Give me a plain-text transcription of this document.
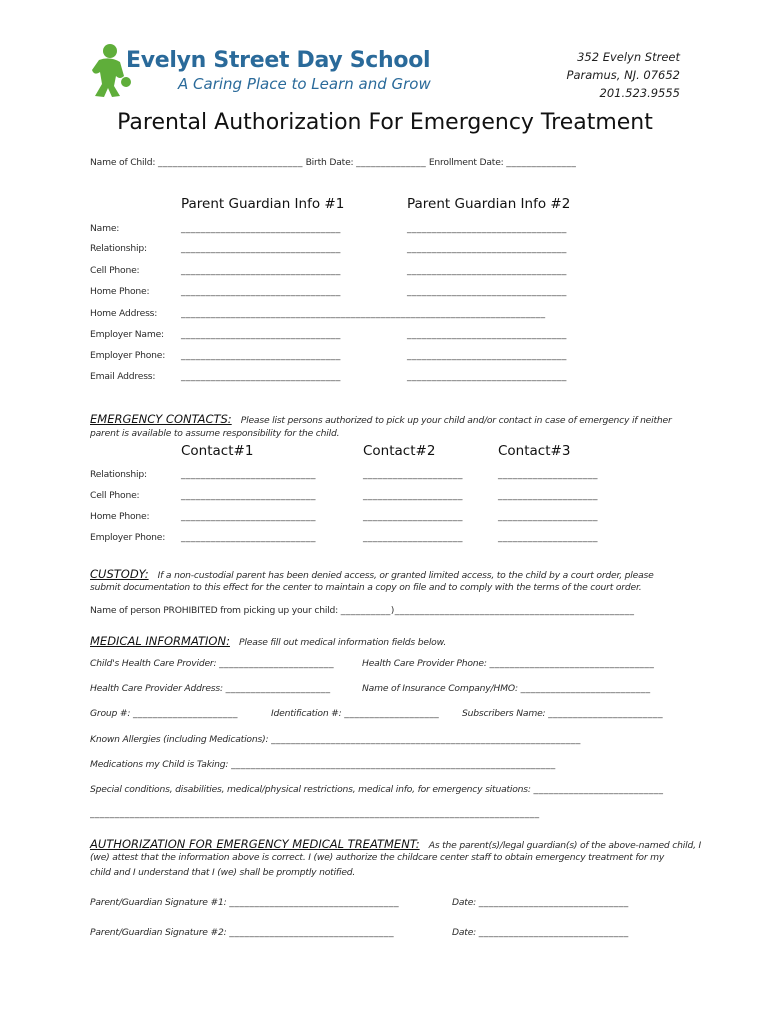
Evelyn Street Day School
A Caring Place to Learn and Grow
352 Evelyn Street
Paramus, NJ. 07652
201.523.9555
Parental Authorization For Emergency Treatment
Name of Child: _____________________________ Birth Date: ______________ Enrollment Date: ______________
Parent Guardian Info #1	Parent Guardian Info #2
Name:	________________________________	________________________________
Relationship:	________________________________	________________________________
Cell Phone:	________________________________	________________________________
Home Phone:	________________________________	________________________________
Home Address:	_________________________________________________________________________
Employer Name: ________________________________	________________________________
Employer Phone: ________________________________	________________________________
Email Address:	________________________________	________________________________
EMERGENCY CONTACTS: Please list persons authorized to pick up your child and/or contact in case of emergency if neither
parent is available to assume responsibility for the child.
Contact#1	Contact#2	Contact#3
Relationship:	___________________________	____________________	____________________
Cell Phone:	___________________________	____________________	____________________
Home Phone:	___________________________	____________________	____________________
Employer Phone: ___________________________	____________________	____________________
CUSTODY: If a non-custodial parent has been denied access, or granted limited access, to the child by a court order, please
submit documentation to this effect for the center to maintain a copy on file and to comply with the terms of the court order.
Name of person PROHIBITED from picking up your child: __________)________________________________________________
MEDICAL INFORMATION: Please fill out medical information fields below.
Child's Health Care Provider: _______________________	Health Care Provider Phone: _________________________________
Health Care Provider Address: _____________________	Name of Insurance Company/HMO: __________________________
Group #: _____________________	Identification #: ___________________ Subscribers Name: _______________________
Known Allergies (including Medications): ______________________________________________________________
Medications my Child is Taking: _________________________________________________________________
Special conditions, disabilities, medical/physical restrictions, medical info, for emergency situations: __________________________
__________________________________________________________________________________________
AUTHORIZATION FOR EMERGENCY MEDICAL TREATMENT: As the parent(s)/legal guardian(s) of the above-named child, I
(we) attest that the information above is correct. I (we) authorize the childcare center staff to obtain emergency treatment for my
child and I understand that I (we) shall be promptly notified.
Parent/Guardian Signature #1: __________________________________	Date: ______________________________
Parent/Guardian Signature #2: _________________________________	Date: ______________________________
